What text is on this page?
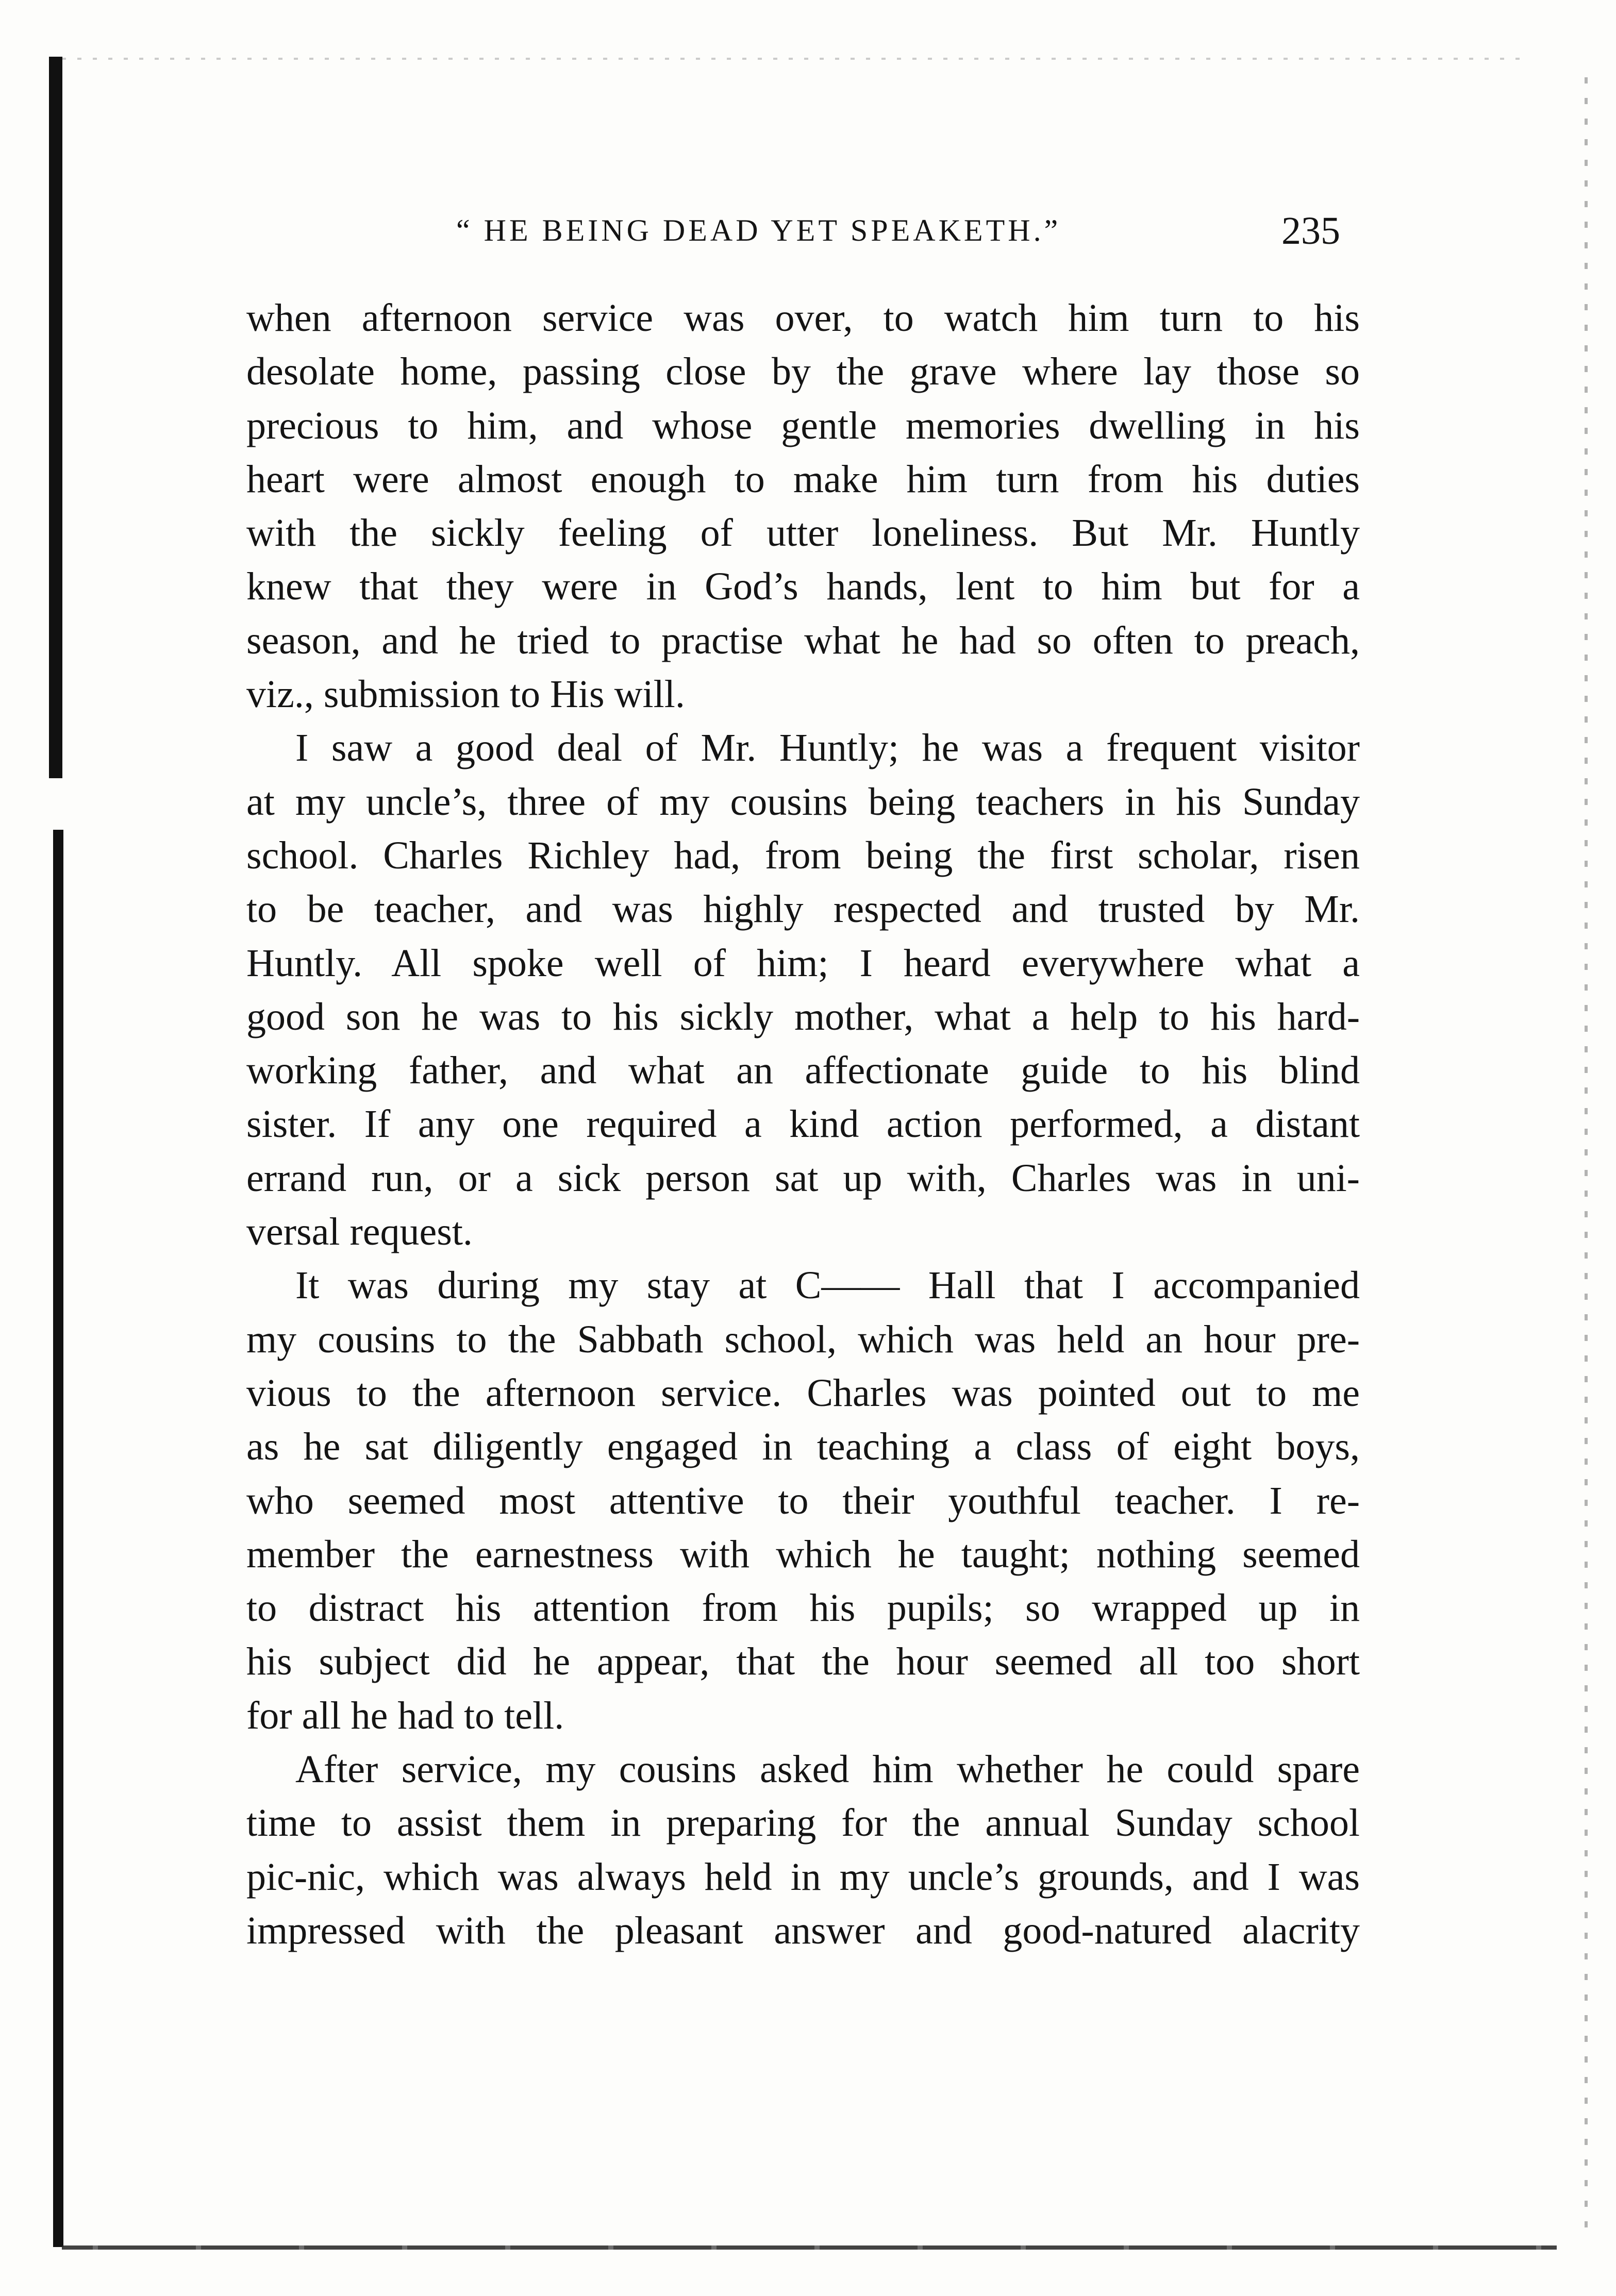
“ HE BEING DEAD YET SPEAKETH.”	235
when afternoon service was over, to watch him turn to his
desolate home, passing close by the grave where lay those so
precious to him, and whose gentle memories dwelling in his
heart were almost enough to make him turn from his duties
with the sickly feeling of utter loneliness. But Mr. Huntly
knew that they were in God’s hands, lent to him but for a
season, and he tried to practise what he had so often to preach,
viz., submission to His will.
I saw a good deal of Mr. Huntly; he was a frequent visitor
at my uncle’s, three of my cousins being teachers in his Sunday
school. Charles Richley had, from being the first scholar, risen
to be teacher, and was highly respected and trusted by Mr.
Huntly. All spoke well of him; I heard everywhere what a
good son he was to his sickly mother, what a help to his hard-
working father, and what an affectionate guide to his blind
sister. If any one required a kind action performed, a distant
errand run, or a sick person sat up with, Charles was in uni-
versal request.
It was during my stay at C—— Hall that I accompanied
my cousins to the Sabbath school, which was held an hour pre-
vious to the afternoon service. Charles was pointed out to me
as he sat diligently engaged in teaching a class of eight boys,
who seemed most attentive to their youthful teacher. I re-
member the earnestness with which he taught; nothing seemed
to distract his attention from his pupils; so wrapped up in
his subject did he appear, that the hour seemed all too short
for all he had to tell.
After service, my cousins asked him whether he could spare
time to assist them in preparing for the annual Sunday school
pic-nic, which was always held in my uncle’s grounds, and I was
impressed with the pleasant answer and good-natured alacrity
